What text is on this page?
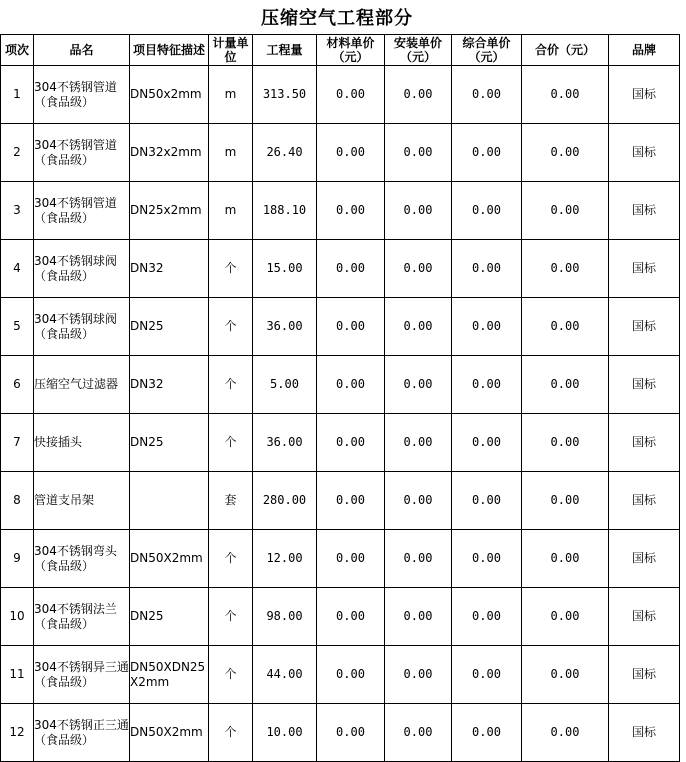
压缩空气工程部分
项次	品名	项目特征描述	计量单位	工程量	材料单价（元）	安装单价（元）	综合单价（元）	合价（元）	品牌
1	304不锈钢管道（食品级）	DN50x2mm	m	313.50	0.00	0.00	0.00	0.00	国标
2	304不锈钢管道（食品级）	DN32x2mm	m	26.40	0.00	0.00	0.00	0.00	国标
3	304不锈钢管道（食品级）	DN25x2mm	m	188.10	0.00	0.00	0.00	0.00	国标
4	304不锈钢球阀（食品级）	DN32	个	15.00	0.00	0.00	0.00	0.00	国标
5	304不锈钢球阀（食品级）	DN25	个	36.00	0.00	0.00	0.00	0.00	国标
6	压缩空气过滤器	DN32	个	5.00	0.00	0.00	0.00	0.00	国标
7	快接插头	DN25	个	36.00	0.00	0.00	0.00	0.00	国标
8	管道支吊架		套	280.00	0.00	0.00	0.00	0.00	国标
9	304不锈钢弯头（食品级）	DN50X2mm	个	12.00	0.00	0.00	0.00	0.00	国标
10	304不锈钢法兰（食品级）	DN25	个	98.00	0.00	0.00	0.00	0.00	国标
11	304不锈钢异三通（食品级）	DN50XDN25X2mm	个	44.00	0.00	0.00	0.00	0.00	国标
12	304不锈钢正三通（食品级）	DN50X2mm	个	10.00	0.00	0.00	0.00	0.00	国标
